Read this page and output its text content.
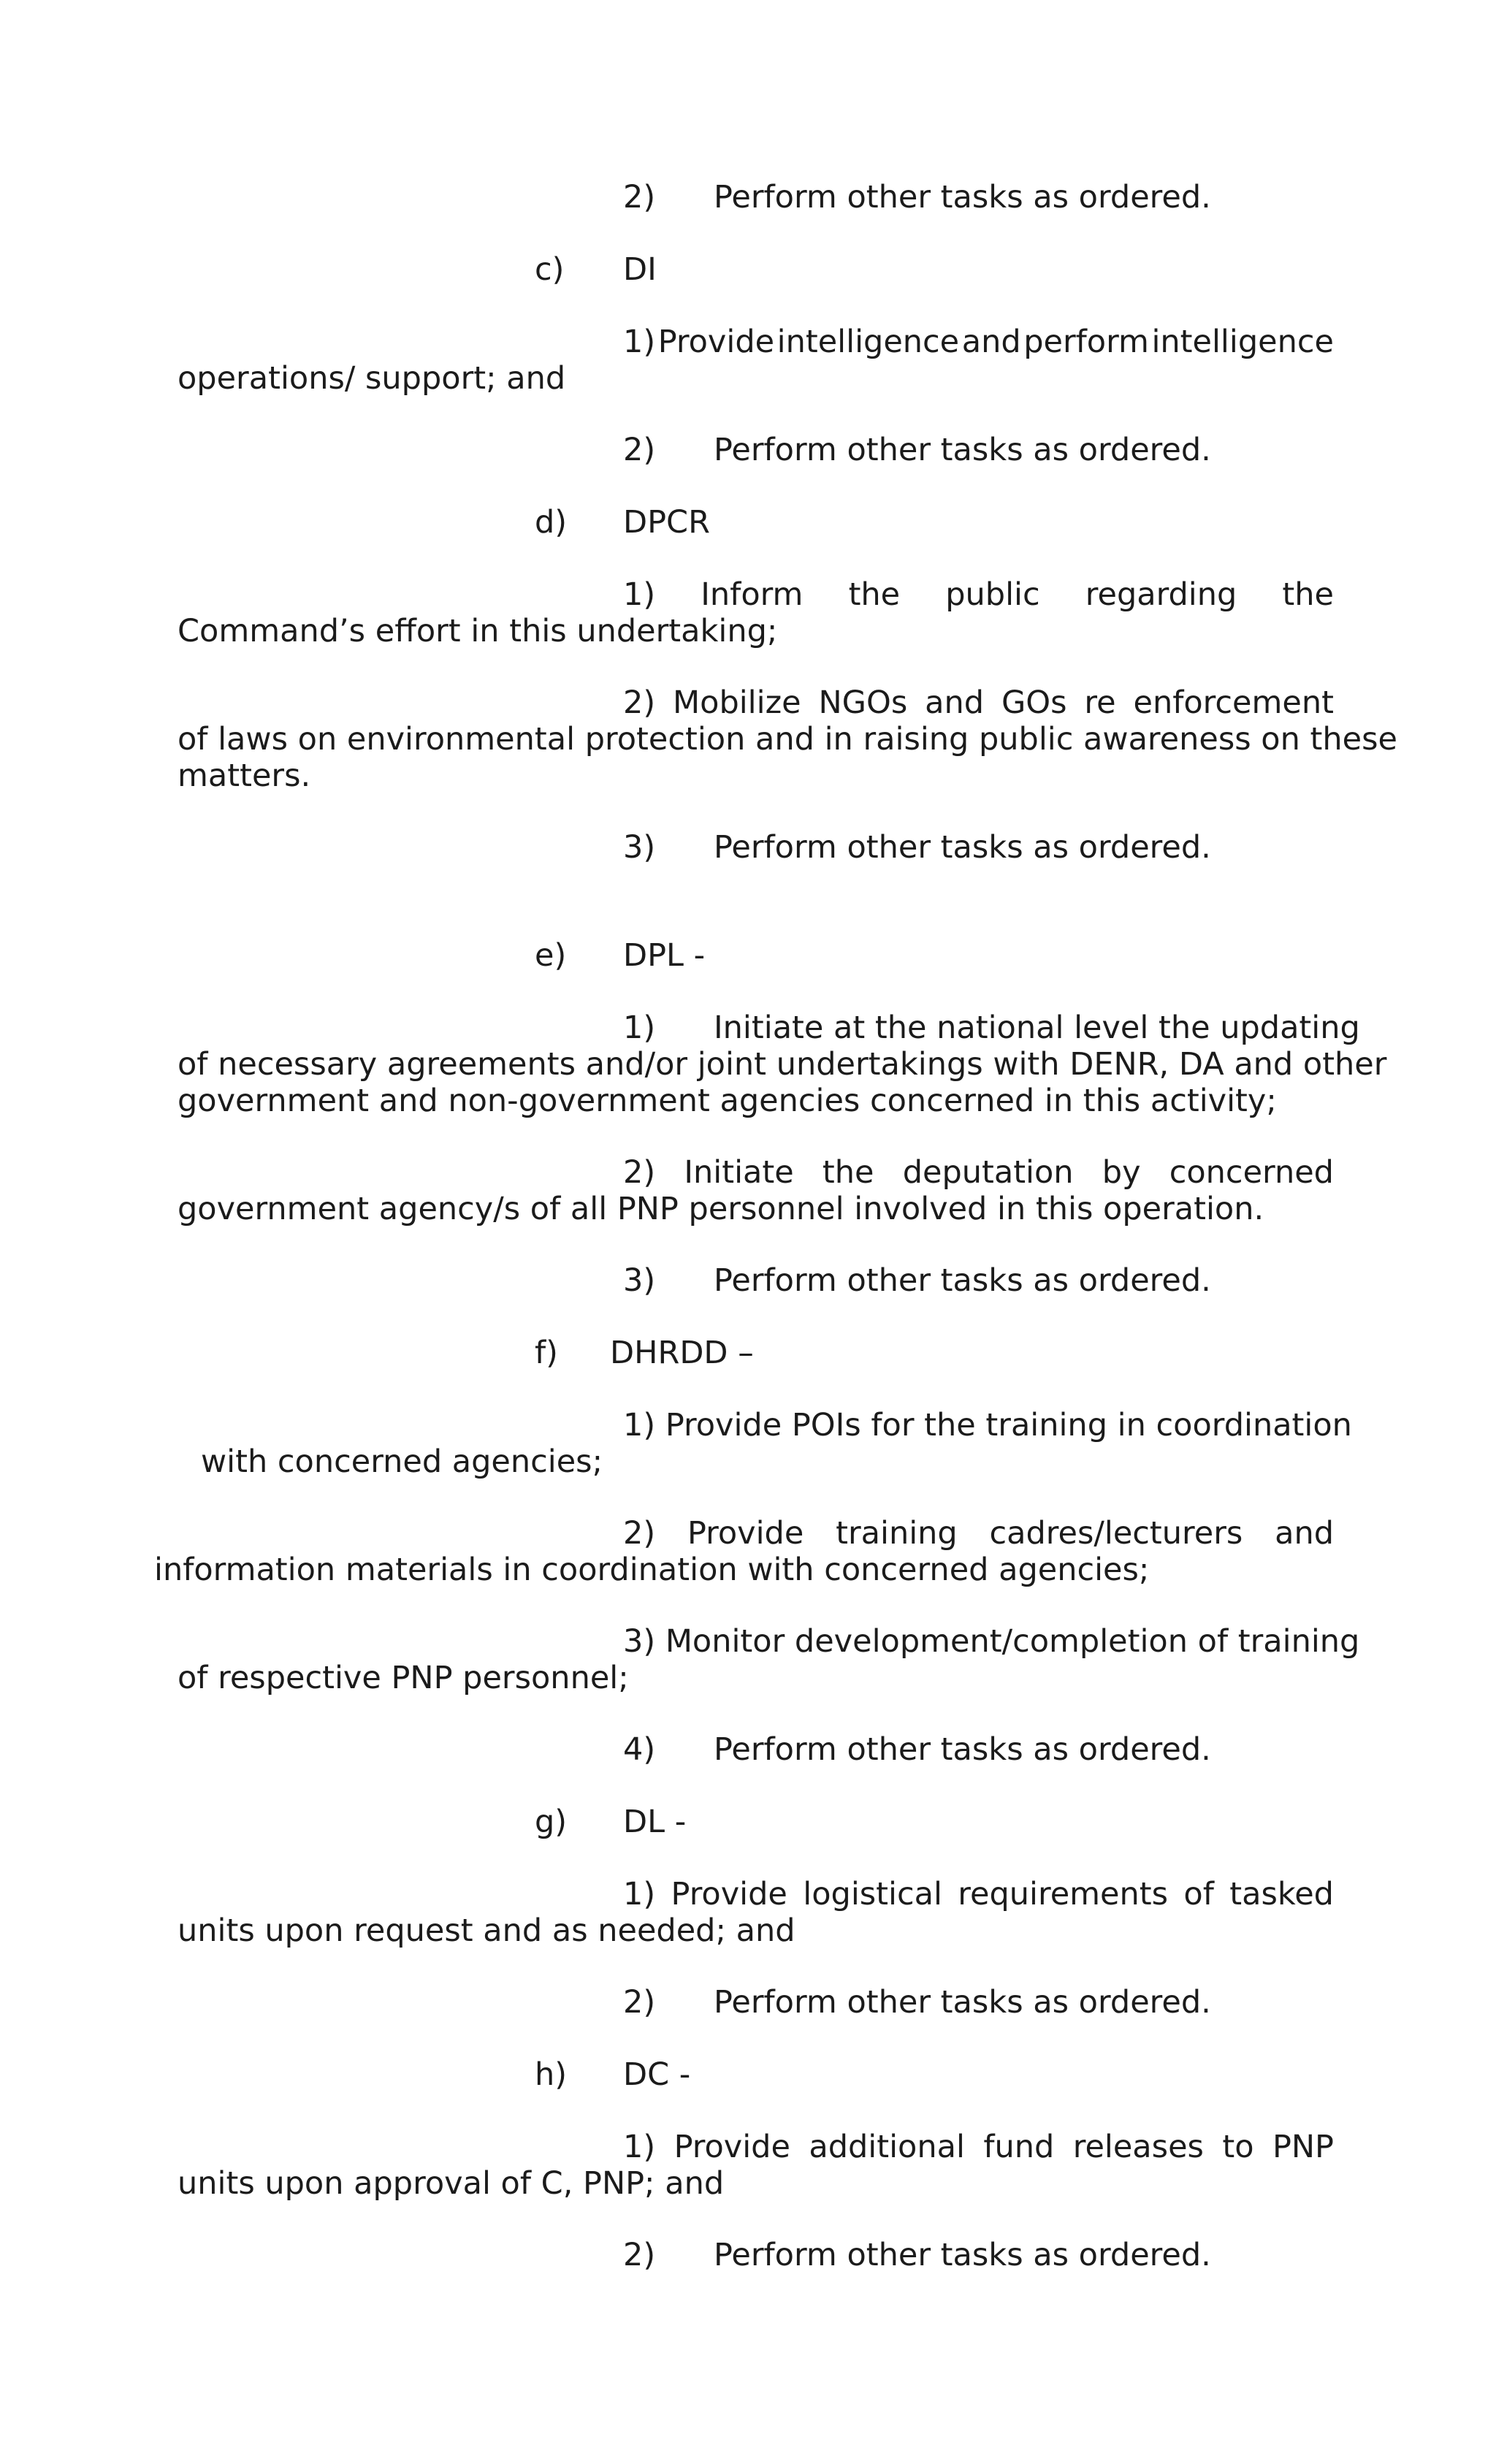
2) Perform other tasks as ordered.
c) DI
1) Provide intelligence and perform intelligence
operations/ support; and
2) Perform other tasks as ordered.
d) DPCR
1) Inform the public regarding the
Command’s effort in this undertaking;
2) Mobilize NGOs and GOs re enforcement
of laws on environmental protection and in raising public awareness on these
matters.
3) Perform other tasks as ordered.
e) DPL -
1) Initiate at the national level the updating
of necessary agreements and/or joint undertakings with DENR, DA and other
government and non-government agencies concerned in this activity;
2) Initiate the deputation by concerned
government agency/s of all PNP personnel involved in this operation.
3) Perform other tasks as ordered.
f) DHRDD –
1) Provide POIs for the training in coordination
with concerned agencies;
2) Provide training cadres/lecturers and
information materials in coordination with concerned agencies;
3) Monitor development/completion of training
of respective PNP personnel;
4) Perform other tasks as ordered.
g) DL -
1) Provide logistical requirements of tasked
units upon request and as needed; and
2) Perform other tasks as ordered.
h) DC -
1) Provide additional fund releases to PNP
units upon approval of C, PNP; and
2) Perform other tasks as ordered.
